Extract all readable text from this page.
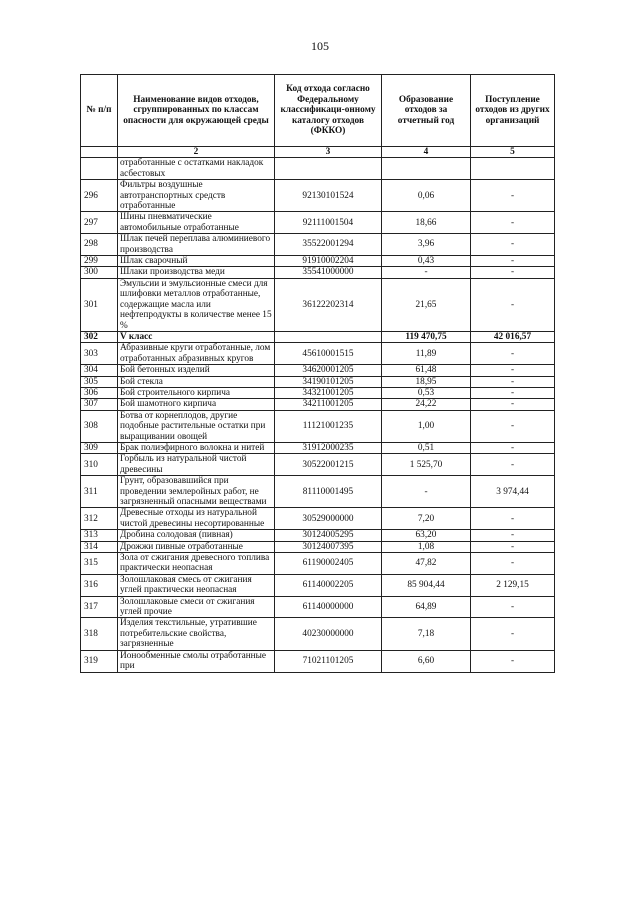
105
№ п/п	Наименование видов отходов, сгруппированных по классам опасности для окружающей среды	Код отхода согласно Федеральному классификаци-онному каталогу отходов (ФККО)	Образование отходов за отчетный год	Поступление отходов из других организаций
	2	3	4	5
	отработанные с остатками накладок асбестовых			
296	Фильтры воздушные автотранспортных средств отработанные	92130101524	0,06	-
297	Шины пневматические автомобильные отработанные	92111001504	18,66	-
298	Шлак печей переплава алюминиевого производства	35522001294	3,96	-
299	Шлак сварочный	91910002204	0,43	-
300	Шлаки производства меди	35541000000	-	-
301	Эмульсии и эмульсионные смеси для шлифовки металлов отработанные, содержащие масла или нефтепродукты в количестве менее 15 %	36122202314	21,65	-
302	V класс		119 470,75	42 016,57
303	Абразивные круги отработанные, лом отработанных абразивных кругов	45610001515	11,89	-
304	Бой бетонных изделий	34620001205	61,48	-
305	Бой стекла	34190101205	18,95	-
306	Бой строительного кирпича	34321001205	0,53	-
307	Бой шамотного кирпича	34211001205	24,22	-
308	Ботва от корнеплодов, другие подобные растительные остатки при выращивании овощей	11121001235	1,00	-
309	Брак полиэфирного волокна и нитей	31912000235	0,51	-
310	Горбыль из натуральной чистой древесины	30522001215	1 525,70	-
311	Грунт, образовавшийся при проведении землеройных работ, не загрязненный опасными веществами	81110001495	-	3 974,44
312	Древесные отходы из натуральной чистой древесины несортированные	30529000000	7,20	-
313	Дробина солодовая (пивная)	30124005295	63,20	-
314	Дрожжи пивные отработанные	30124007395	1,08	-
315	Зола от сжигания древесного топлива практически неопасная	61190002405	47,82	-
316	Золошлаковая смесь от сжигания углей практически неопасная	61140002205	85 904,44	2 129,15
317	Золошлаковые смеси от сжигания углей прочие	61140000000	64,89	-
318	Изделия текстильные, утратившие потребительские свойства, загрязненные	40230000000	7,18	-
319	Ионообменные смолы отработанные при	71021101205	6,60	-
